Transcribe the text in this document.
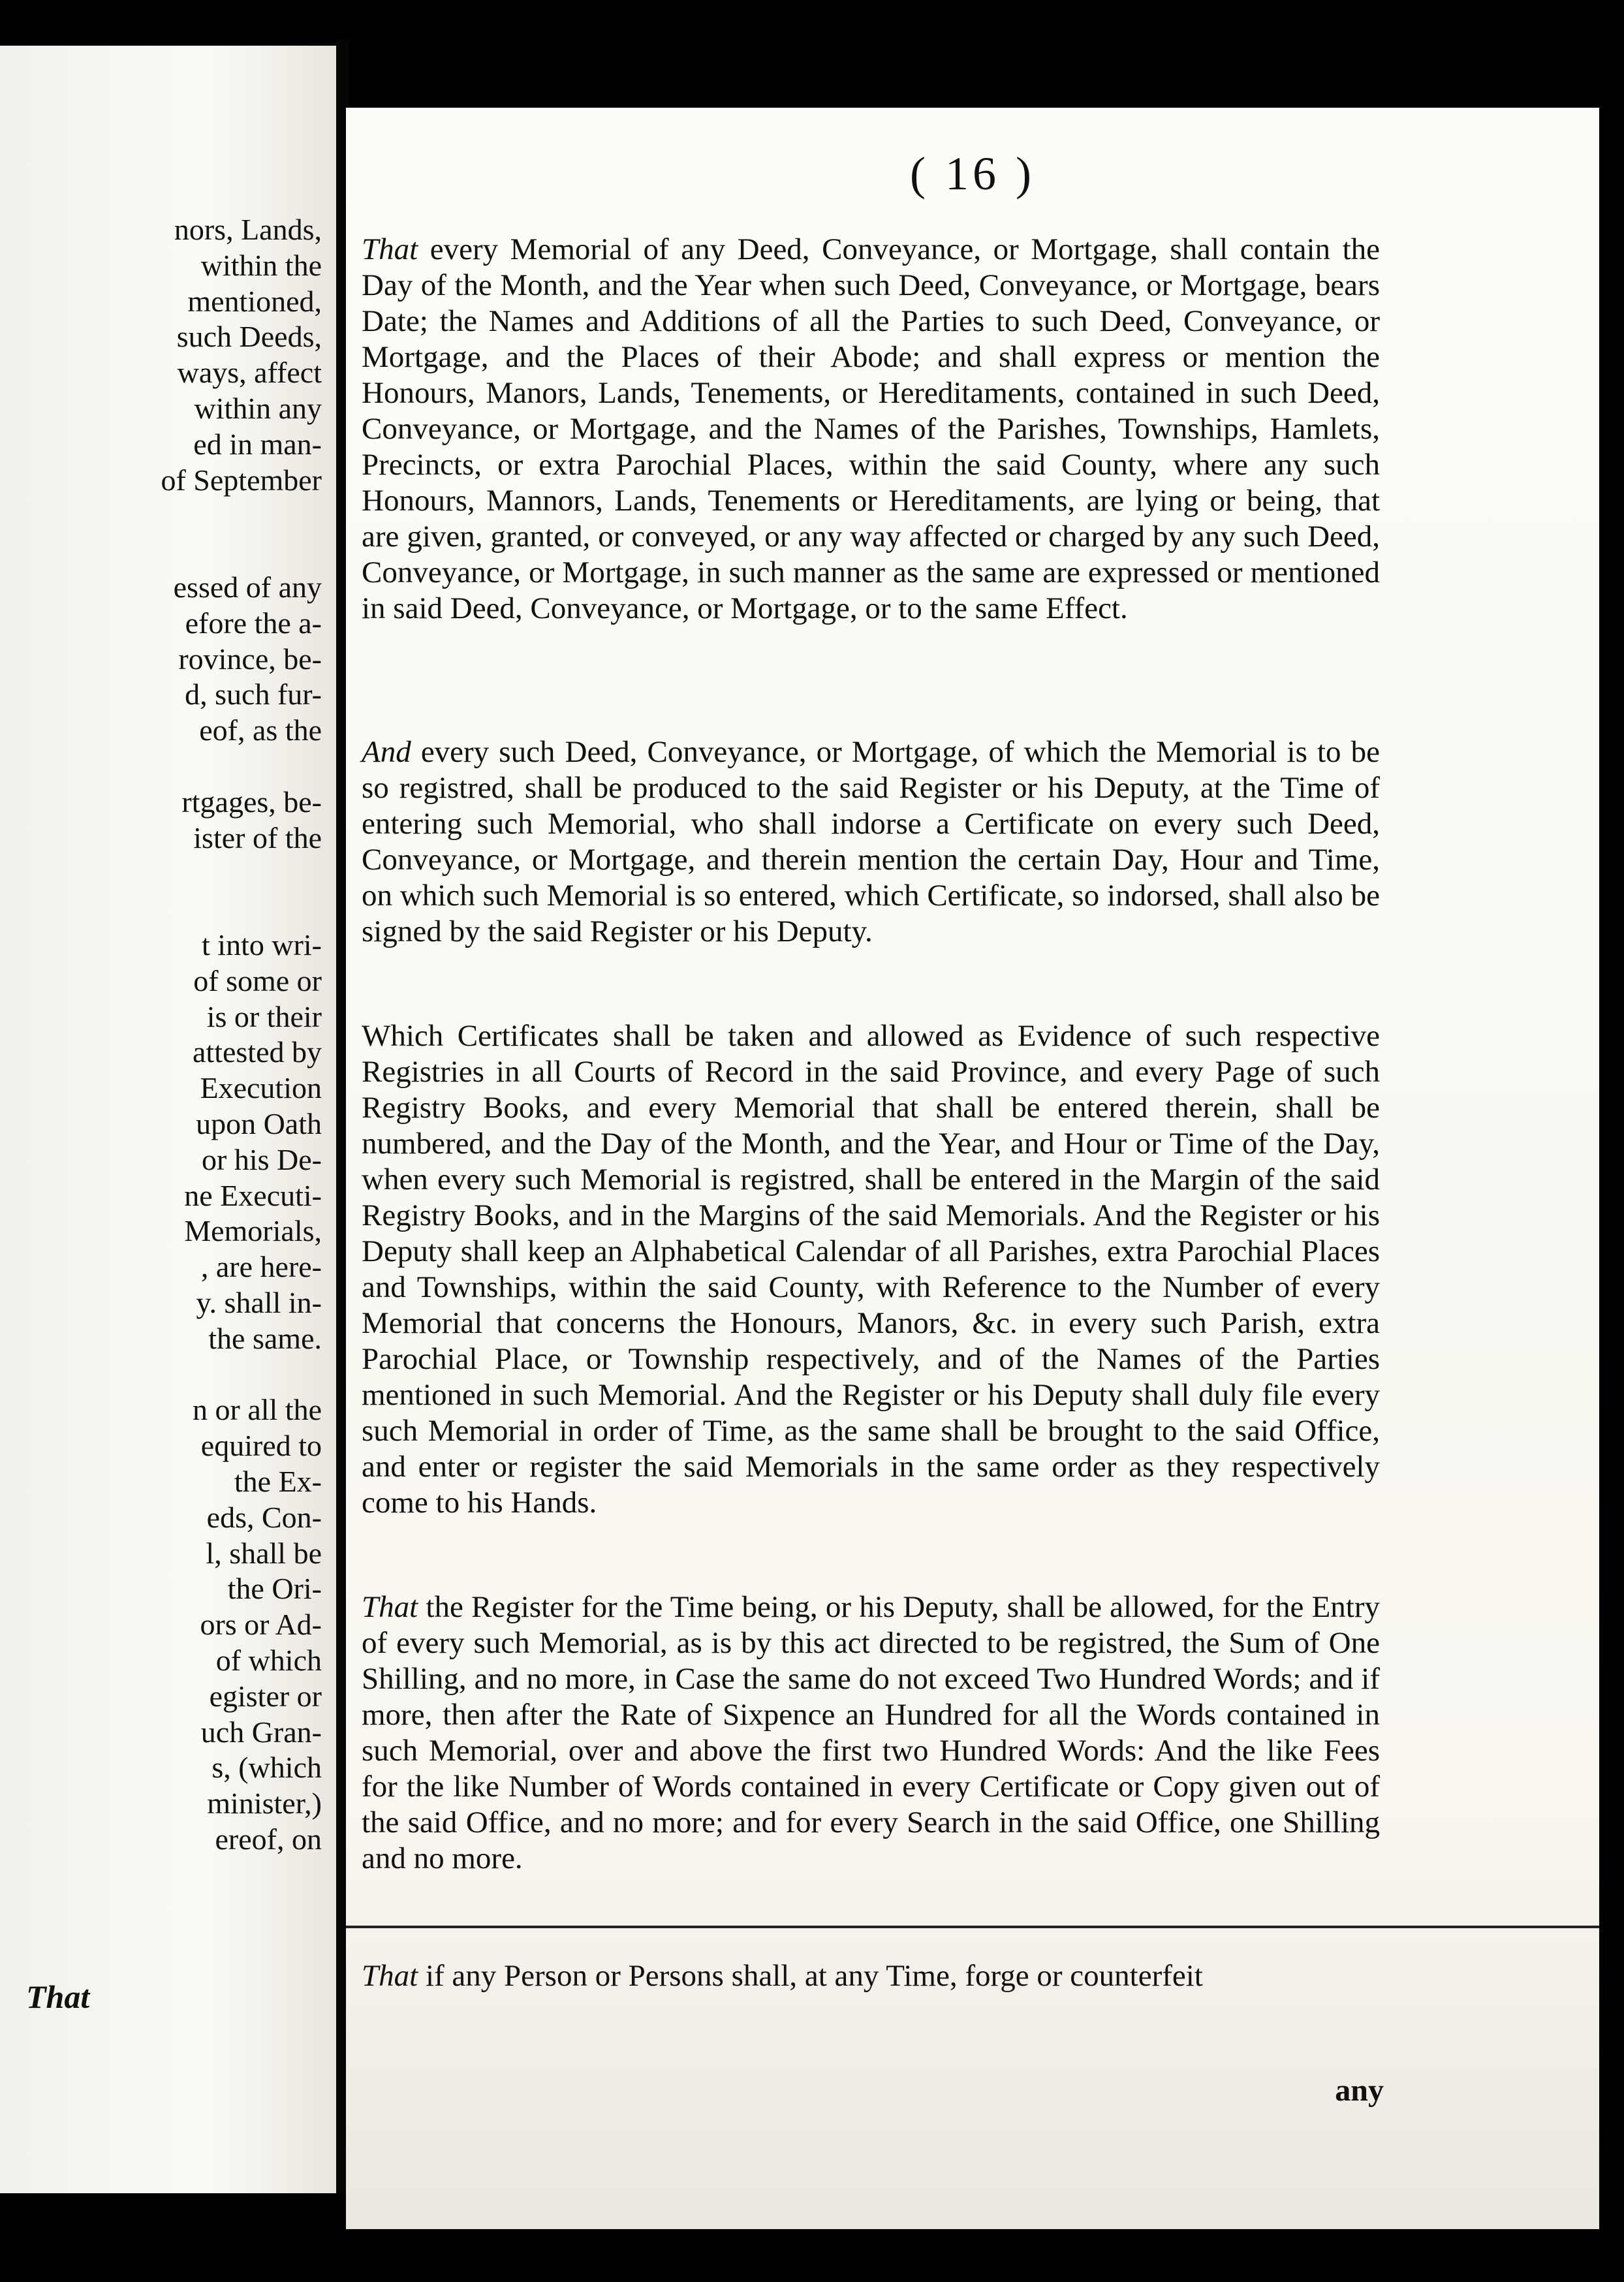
nors, Lands,
within the
mentioned,
such Deeds,
ways, affect
within any
ed in man-
of September
essed of any
efore the a-
rovince, be-
d, such fur-
eof, as the
rtgages, be-
ister of the
t into wri-
of some or
is or their
attested by
Execution
upon Oath
or his De-
ne Executi-
Memorials,
, are here-
y. shall in-
the same.
n or all the
equired to
the Ex-
eds, Con-
l, shall be
the Ori-
ors or Ad-
of which
egister or
uch Gran-
s, (which
minister,)
ereof, on
That
( 16 )
That every Memorial of any Deed, Conveyance, or Mortgage, shall contain the Day of the Month, and the Year when such Deed, Conveyance, or Mortgage, bears Date; the Names and Additions of all the Parties to such Deed, Conveyance, or Mortgage, and the Places of their Abode; and shall express or mention the Honours, Manors, Lands, Tenements, or Hereditaments, contained in such Deed, Conveyance, or Mortgage, and the Names of the Parishes, Townships, Hamlets, Precincts, or extra Parochial Places, within the said County, where any such Honours, Mannors, Lands, Tenements or Hereditaments, are lying or being, that are given, granted, or conveyed, or any way affected or charged by any such Deed, Conveyance, or Mortgage, in such manner as the same are expressed or mentioned in said Deed, Conveyance, or Mortgage, or to the same Effect.
And every such Deed, Conveyance, or Mortgage, of which the Memorial is to be so registred, shall be produced to the said Register or his Deputy, at the Time of entering such Memorial, who shall indorse a Certificate on every such Deed, Conveyance, or Mortgage, and therein mention the certain Day, Hour and Time, on which such Memorial is so entered, which Certificate, so indorsed, shall also be signed by the said Register or his Deputy.
Which Certificates shall be taken and allowed as Evidence of such respective Registries in all Courts of Record in the said Province, and every Page of such Registry Books, and every Memorial that shall be entered therein, shall be numbered, and the Day of the Month, and the Year, and Hour or Time of the Day, when every such Memorial is registred, shall be entered in the Margin of the said Registry Books, and in the Margins of the said Memorials. And the Register or his Deputy shall keep an Alphabetical Calendar of all Parishes, extra Parochial Places and Townships, within the said County, with Reference to the Number of every Memorial that concerns the Honours, Manors, &c. in every such Parish, extra Parochial Place, or Township respectively, and of the Names of the Parties mentioned in such Memorial. And the Register or his Deputy shall duly file every such Memorial in order of Time, as the same shall be brought to the said Office, and enter or register the said Memorials in the same order as they respectively come to his Hands.
That the Register for the Time being, or his Deputy, shall be allowed, for the Entry of every such Memorial, as is by this act directed to be registred, the Sum of One Shilling, and no more, in Case the same do not exceed Two Hundred Words; and if more, then after the Rate of Sixpence an Hundred for all the Words contained in such Memorial, over and above the first two Hundred Words: And the like Fees for the like Number of Words contained in every Certificate or Copy given out of the said Office, and no more; and for every Search in the said Office, one Shilling and no more.
That if any Person or Persons shall, at any Time, forge or counterfeit
any
